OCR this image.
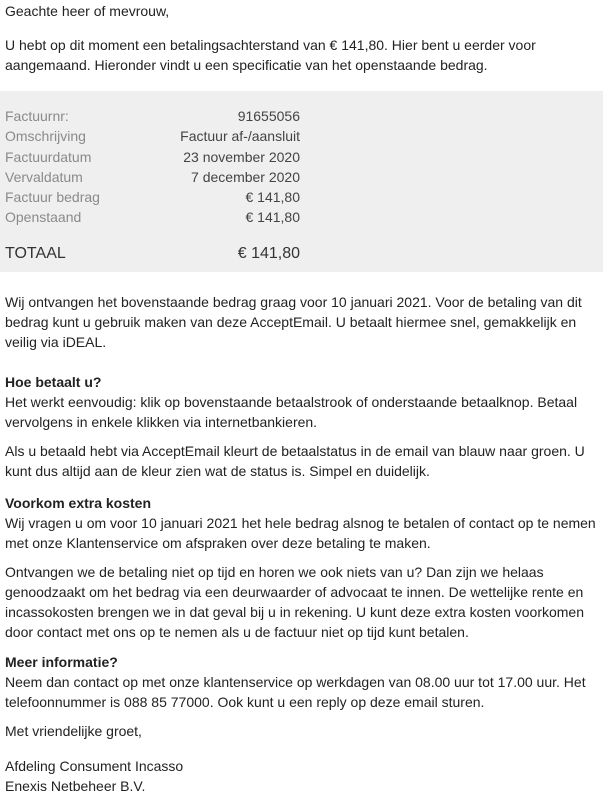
Geachte heer of mevrouw,

U hebt op dit moment een betalingsachterstand van € 141,80. Hier bent u eerder voor
aangemaand. Hieronder vindt u een specificatie van het openstaande bedrag.
Factuurnr:	91655056
Omschrijving	Factuur af-/aansluit
Factuurdatum	23 november 2020
Vervaldatum	7 december 2020
Factuur bedrag	€ 141,80
Openstaand	€ 141,80
TOTAAL	€ 141,80
Wij ontvangen het bovenstaande bedrag graag voor 10 januari 2021. Voor de betaling van dit
bedrag kunt u gebruik maken van deze AcceptEmail. U betaalt hiermee snel, gemakkelijk en
veilig via iDEAL.
Hoe betaalt u?
Het werkt eenvoudig: klik op bovenstaande betaalstrook of onderstaande betaalknop. Betaal
vervolgens in enkele klikken via internetbankieren.
Als u betaald hebt via AcceptEmail kleurt de betaalstatus in de email van blauw naar groen. U
kunt dus altijd aan de kleur zien wat de status is. Simpel en duidelijk.
Voorkom extra kosten
Wij vragen u om voor 10 januari 2021 het hele bedrag alsnog te betalen of contact op te nemen
met onze Klantenservice om afspraken over deze betaling te maken.
Ontvangen we de betaling niet op tijd en horen we ook niets van u? Dan zijn we helaas
genoodzaakt om het bedrag via een deurwaarder of advocaat te innen. De wettelijke rente en
incassokosten brengen we in dat geval bij u in rekening. U kunt deze extra kosten voorkomen
door contact met ons op te nemen als u de factuur niet op tijd kunt betalen.
Meer informatie?
Neem dan contact op met onze klantenservice op werkdagen van 08.00 uur tot 17.00 uur. Het
telefoonnummer is 088 85 77000. Ook kunt u een reply op deze email sturen.

Met vriendelijke groet,

Afdeling Consument Incasso
Enexis Netbeheer B.V.
